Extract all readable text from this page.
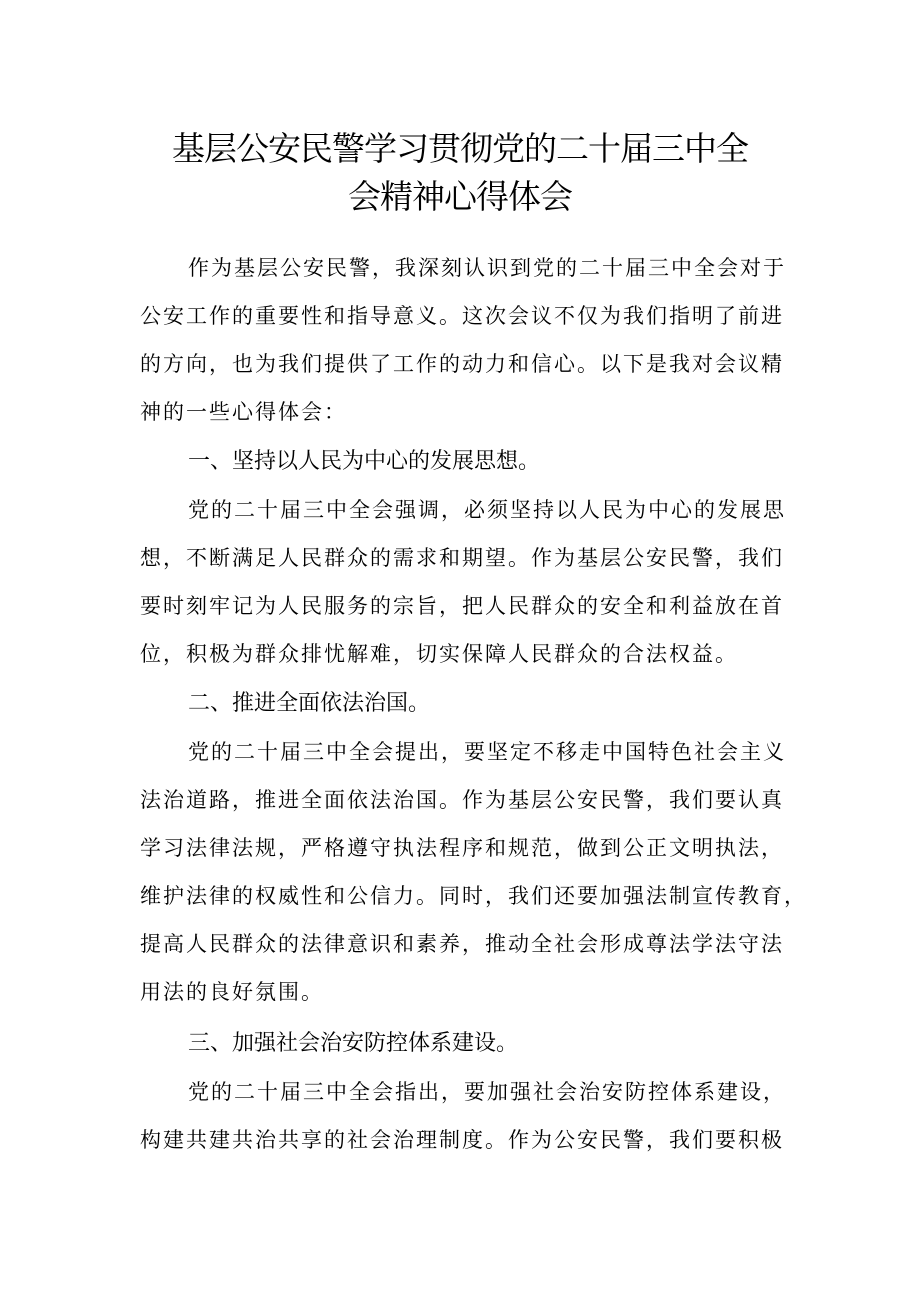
基层公安民警学习贯彻党的二十届三中全
会精神心得体会
作为基层公安民警，我深刻认识到党的二十届三中全会对于
公安工作的重要性和指导意义。这次会议不仅为我们指明了前进
的方向，也为我们提供了工作的动力和信心。以下是我对会议精
神的一些心得体会：
一、坚持以人民为中心的发展思想。
党的二十届三中全会强调，必须坚持以人民为中心的发展思
想，不断满足人民群众的需求和期望。作为基层公安民警，我们
要时刻牢记为人民服务的宗旨，把人民群众的安全和利益放在首
位，积极为群众排忧解难，切实保障人民群众的合法权益。
二、推进全面依法治国。
党的二十届三中全会提出，要坚定不移走中国特色社会主义
法治道路，推进全面依法治国。作为基层公安民警，我们要认真
学习法律法规，严格遵守执法程序和规范，做到公正文明执法，
维护法律的权威性和公信力。同时，我们还要加强法制宣传教育，
提高人民群众的法律意识和素养，推动全社会形成尊法学法守法
用法的良好氛围。
三、加强社会治安防控体系建设。
党的二十届三中全会指出，要加强社会治安防控体系建设，
构建共建共治共享的社会治理制度。作为公安民警，我们要积极
